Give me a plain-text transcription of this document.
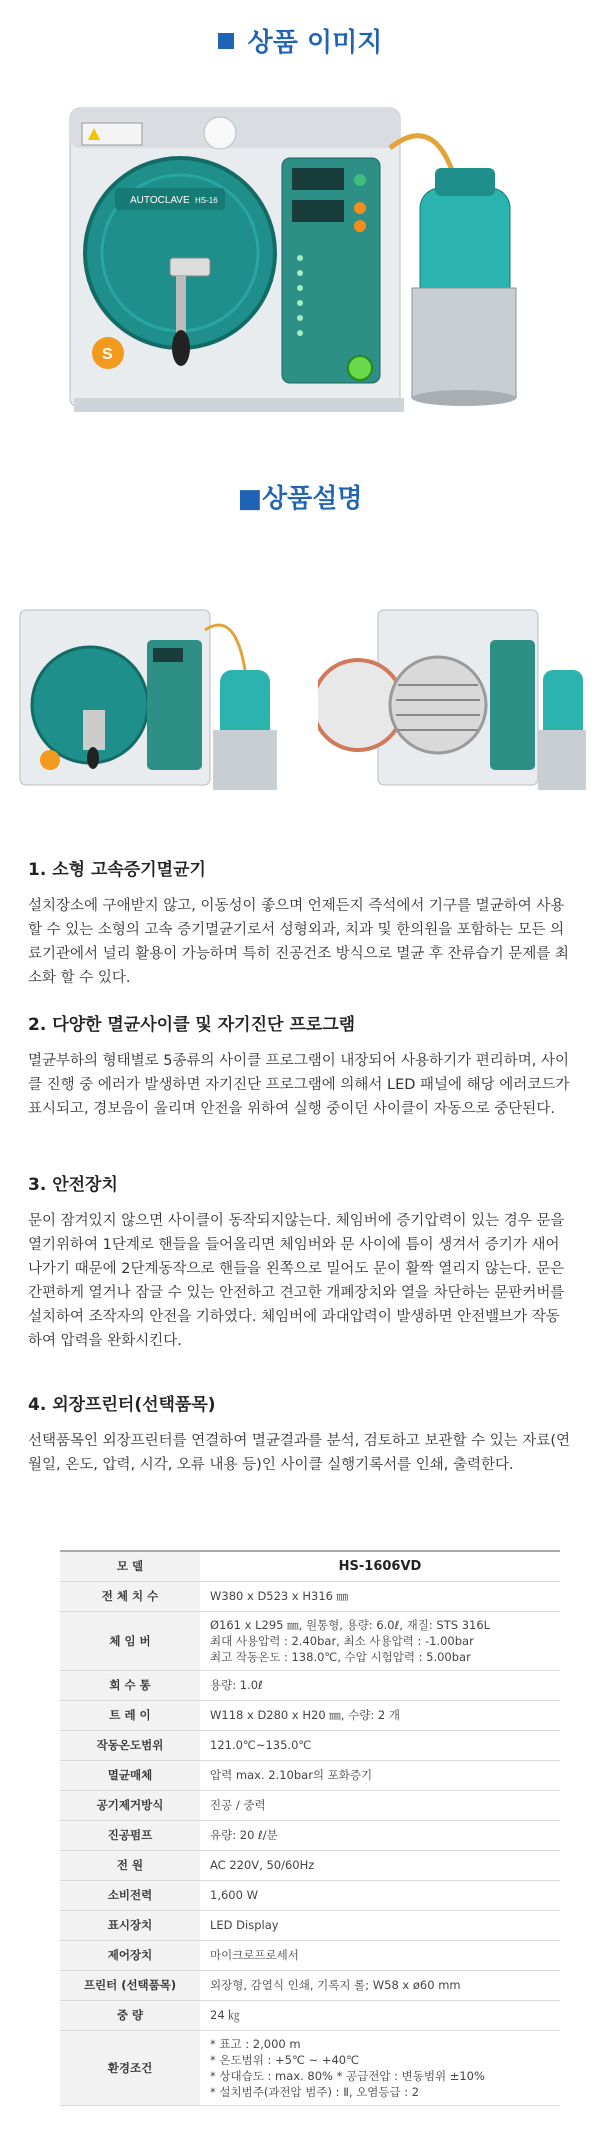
상품 이미지
AUTOCLAVE HS-16
S
■상품설명
1. 소형 고속증기멸균기
설치장소에 구애받지 않고, 이동성이 좋으며 언제든지 즉석에서 기구를 멸균하여 사용할 수 있는 소형의 고속 증기멸균기로서 성형외과, 치과 및 한의원을 포함하는 모든 의료기관에서 널리 활용이 가능하며 특히 진공건조 방식으로 멸균 후 잔류습기 문제를 최소화 할 수 있다.
2. 다양한 멸균사이클 및 자기진단 프로그램
멸균부하의 형태별로 5종류의 사이클 프로그램이 내장되어 사용하기가 편리하며, 사이클 진행 중 에러가 발생하면 자기진단 프로그램에 의해서 LED 패널에 해당 에러코드가 표시되고, 경보음이 울리며 안전을 위하여 실행 중이던 사이클이 자동으로 중단된다.
3. 안전장치
문이 잠겨있지 않으면 사이클이 동작되지않는다. 체임버에 증기압력이 있는 경우 문을 열기위하여 1단계로 핸들을 들어올리면 체임버와 문 사이에 틈이 생겨서 증기가 새어나가기 때문에 2단계동작으로 핸들을 왼쪽으로 밀어도 문이 활짝 열리지 않는다. 문은 간편하게 열거나 잠글 수 있는 안전하고 견고한 개폐장치와 열을 차단하는 문판커버를 설치하여 조작자의 안전을 기하였다. 체임버에 과대압력이 발생하면 안전밸브가 작동하여 압력을 완화시킨다.
4. 외장프린터(선택품목)
선택품목인 외장프린터를 연결하여 멸균결과를 분석, 검토하고 보관할 수 있는 자료(연월일, 온도, 압력, 시각, 오류 내용 등)인 사이클 실행기록서를 인쇄, 출력한다.
모 델	HS-1606VD
전 체 치 수	W380 x D523 x H316 ㎜
체 임 버	Ø161 x L295 ㎜, 원통형, 용량: 6.0ℓ, 재질: STS 316L
최대 사용압력 : 2.40bar, 최소 사용압력 : -1.00bar
최고 작동온도 : 138.0℃, 수압 시험압력 : 5.00bar

회 수 통	용량: 1.0ℓ
트 레 이	W118 x D280 x H20 ㎜, 수량: 2 개
작동온도범위	121.0℃~135.0℃
멸균매체	압력 max. 2.10bar의 포화증기
공기제거방식	진공 / 중력
진공펌프	유량: 20 ℓ/분
전 원	AC 220V, 50/60Hz
소비전력	1,600 W
표시장치	LED Display
제어장치	마이크로프로세서
프린터 (선택품목)	외장형, 감열식 인쇄, 기록지 롤; W58 x ø60 mm
중 량	24 ㎏
환경조건	* 표고 : 2,000 m
* 온도범위 : +5℃ ~ +40℃
* 상대습도 : max. 80% * 공급전압 : 변동범위 ±10%
* 설치범주(과전압 범주) : Ⅱ, 오염등급 : 2
